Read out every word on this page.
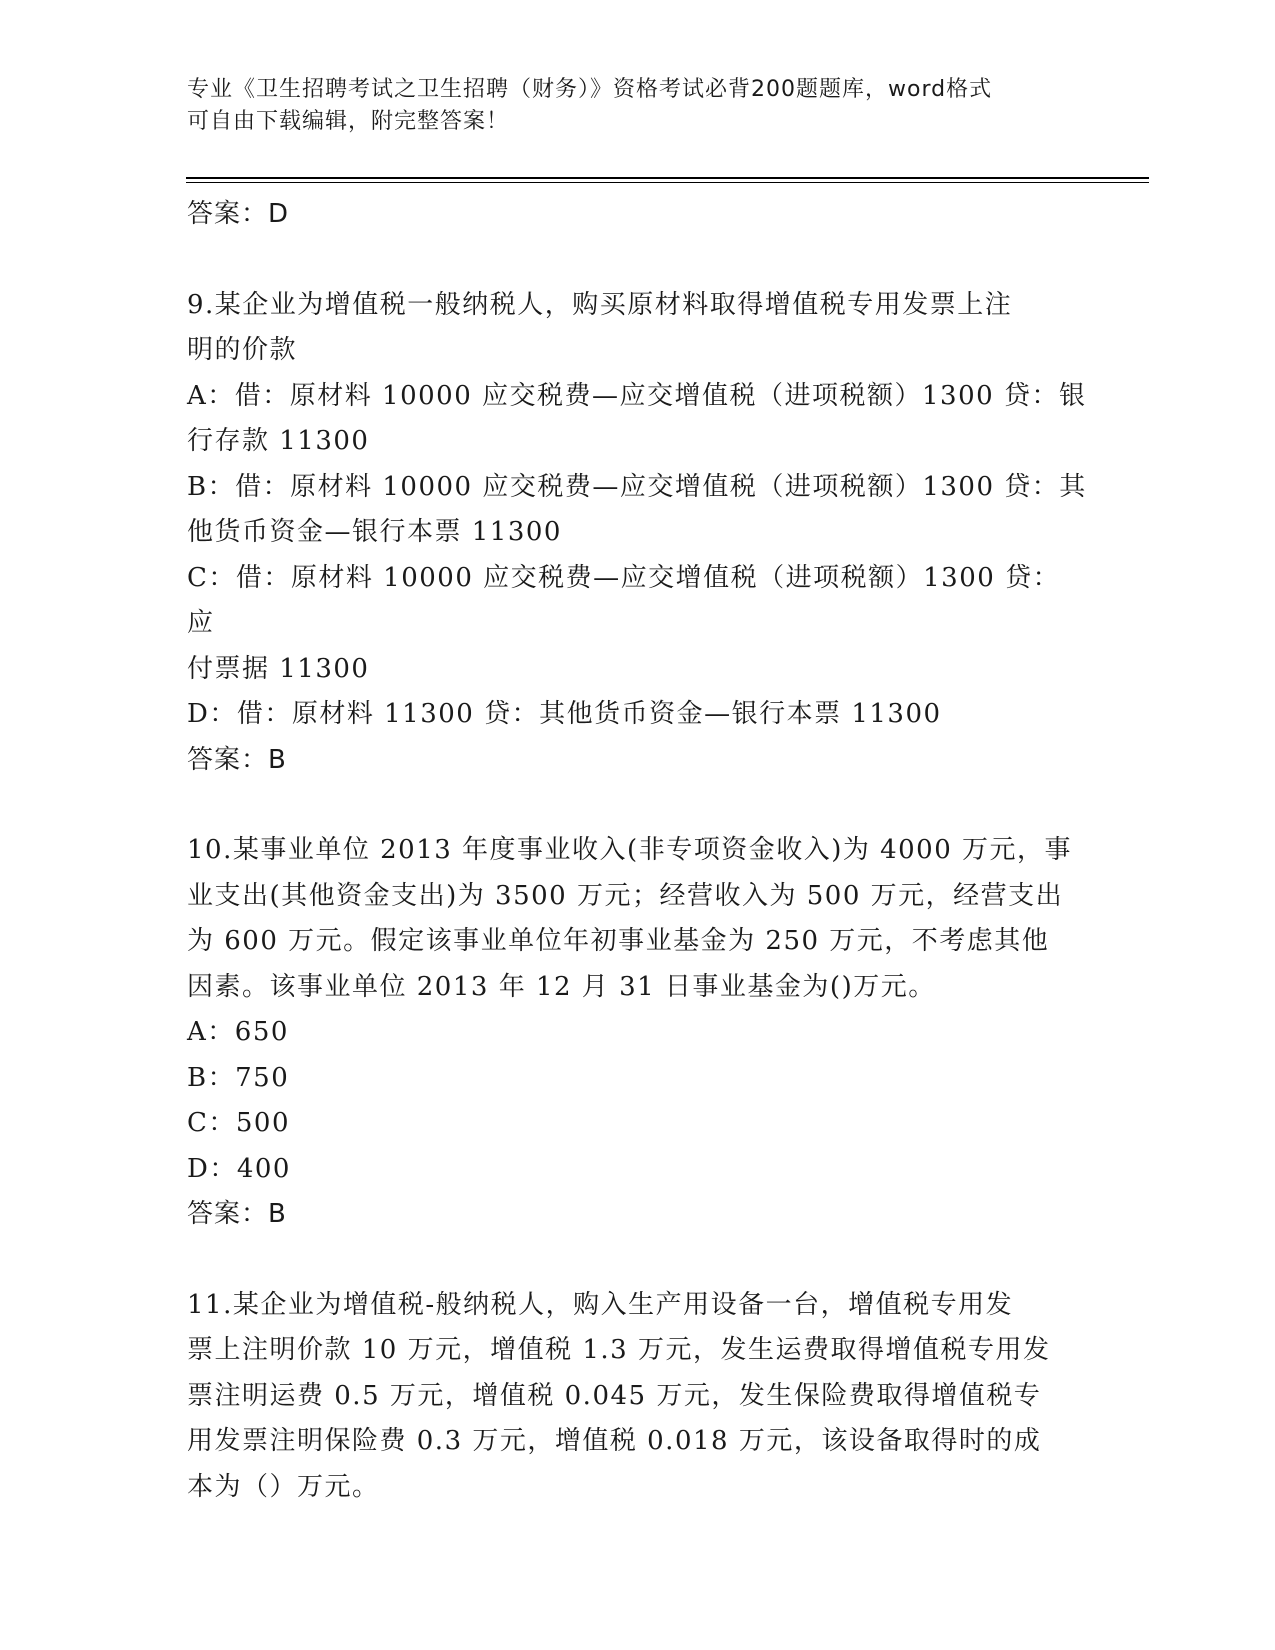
专业《卫生招聘考试之卫生招聘（财务）》资格考试必背200题题库，word格式
可自由下载编辑，附完整答案！

答案：D

9.某企业为增值税一般纳税人，购买原材料取得增值税专用发票上注

明的价款

A：借：原材料 10000 应交税费—应交增值税（进项税额）1300 贷：银

行存款 11300

B：借：原材料 10000 应交税费—应交增值税（进项税额）1300 贷：其

他货币资金—银行本票 11300

C：借：原材料 10000 应交税费—应交增值税（进项税额）1300 贷：应

付票据 11300

D：借：原材料 11300 贷：其他货币资金—银行本票 11300

答案：B

10.某事业单位 2013 年度事业收入(非专项资金收入)为 4000 万元，事

业支出(其他资金支出)为 3500 万元；经营收入为 500 万元，经营支出

为 600 万元。假定该事业单位年初事业基金为 250 万元，不考虑其他

因素。该事业单位 2013 年 12 月 31 日事业基金为()万元。

A：650

B：750

C：500

D：400

答案：B

11.某企业为增值税-般纳税人，购入生产用设备一台，增值税专用发

票上注明价款 10 万元，增值税 1.3 万元，发生运费取得增值税专用发

票注明运费 0.5 万元，增值税 0.045 万元，发生保险费取得增值税专

用发票注明保险费 0.3 万元，增值税 0.018 万元，该设备取得时的成

本为（）万元。
